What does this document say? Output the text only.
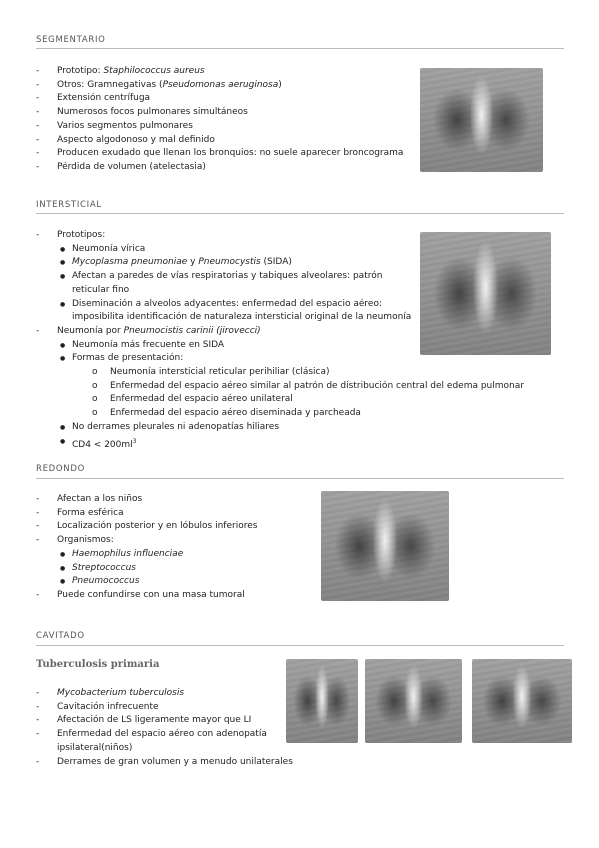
SEGMENTARIO
- Prototipo: Staphilococcus aureus
- Otros: Gramnegativas (Pseudomonas aeruginosa)
- Extensión centrífuga
- Numerosos focos pulmonares simultáneos
- Varios segmentos pulmonares
- Aspecto algodonoso y mal definido
- Producen exudado que llenan los bronquios: no suele aparecer broncograma
- Pérdida de volumen (atelectasia)
INTERSTICIAL
- Prototipos:
● Neumonía vírica
● Mycoplasma pneumoniae y Pneumocystis (SIDA)
● Afectan a paredes de vías respiratorias y tabiques alveolares: patrón reticular fino
● Diseminación a alveolos adyacentes: enfermedad del espacio aéreo: imposibilita identificación de naturaleza intersticial original de la neumonía
- Neumonía por Pneumocistis carinii (jirovecci)
● Neumonía más frecuente en SIDA
● Formas de presentación:
o Neumonía intersticial reticular perihiliar (clásica)
o Enfermedad del espacio aéreo similar al patrón de distribución central del edema pulmonar
o Enfermedad del espacio aéreo unilateral
o Enfermedad del espacio aéreo diseminada y parcheada
● No derrames pleurales ni adenopatías hiliares
● $CD4 < 200ml^3$
REDONDO
- Afectan a los niños
- Forma esférica
- Localización posterior y en lóbulos inferiores
- Organismos:
● Haemophilus influenciae
● Streptococcus
● Pneumococcus
- Puede confundirse con una masa tumoral
CAVITADO
Tuberculosis primaria
- Mycobacterium tuberculosis
- Cavitación infrecuente
- Afectación de LS ligeramente mayor que LI
- Enfermedad del espacio aéreo con adenopatía ipsilateral(niños)
- Derrames de gran volumen y a menudo unilaterales
